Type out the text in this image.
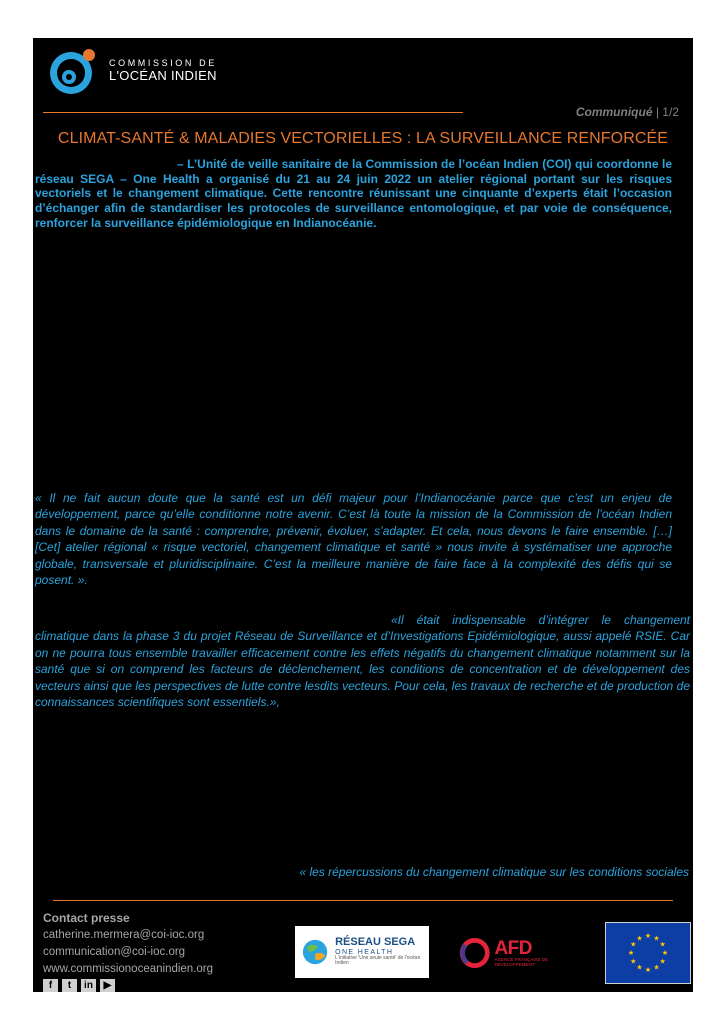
COMMISSION DE
L'OCÉAN INDIEN
Communiqué | 1/2
CLIMAT-SANTÉ & MALADIES VECTORIELLES : LA SURVEILLANCE RENFORCÉE

– L’Unité de veille sanitaire de la Commission de l’océan Indien (COI) qui coordonne le réseau SEGA – One Health a organisé du 21 au 24 juin 2022 un atelier régional portant sur les risques vectoriels et le changement climatique. Cette rencontre réunissant une cinquante d’experts était l’occasion d’échanger afin de standardiser les protocoles de surveillance entomologique, et par voie de conséquence, renforcer la surveillance épidémiologique en Indianocéanie.

« Il ne fait aucun doute que la santé est un défi majeur pour l’Indianocéanie parce que c’est un enjeu de développement, parce qu’elle conditionne notre avenir. C’est là toute la mission de la Commission de l’océan Indien dans le domaine de la santé : comprendre, prévenir, évoluer, s’adapter. Et cela, nous devons le faire ensemble. […] [Cet] atelier régional « risque vectoriel, changement climatique et santé » nous invite à systématiser une approche globale, transversale et pluridisciplinaire. C’est la meilleure manière de faire face à la complexité des défis qui se posent. ».

«Il était indispensable d’intégrer le changement climatique dans la phase 3 du projet Réseau de Surveillance et d’Investigations Epidémiologique, aussi appelé RSIE. Car on ne pourra tous ensemble travailler efficacement contre les effets négatifs du changement climatique notamment sur la santé que si on comprend les facteurs de déclenchement, les conditions de concentration et de développement des vecteurs ainsi que les perspectives de lutte contre lesdits vecteurs. Pour cela, les travaux de recherche et de production de connaissances scientifiques sont essentiels.»,

« les répercussions du changement climatique sur les conditions sociales

Contact presse
catherine.mermera@coi-ioc.org
communication@coi-ioc.org
www.commissionoceanindien.org
f	t	in	▶
RÉSEAU SEGA
ONE HEALTH
L'initiative 'Une seule santé' de l'océan Indien
AFD
AGENCE FRANÇAISE DE DÉVELOPPEMENT
★ ★
★
★
★
★
★
★
★
★
★
★
